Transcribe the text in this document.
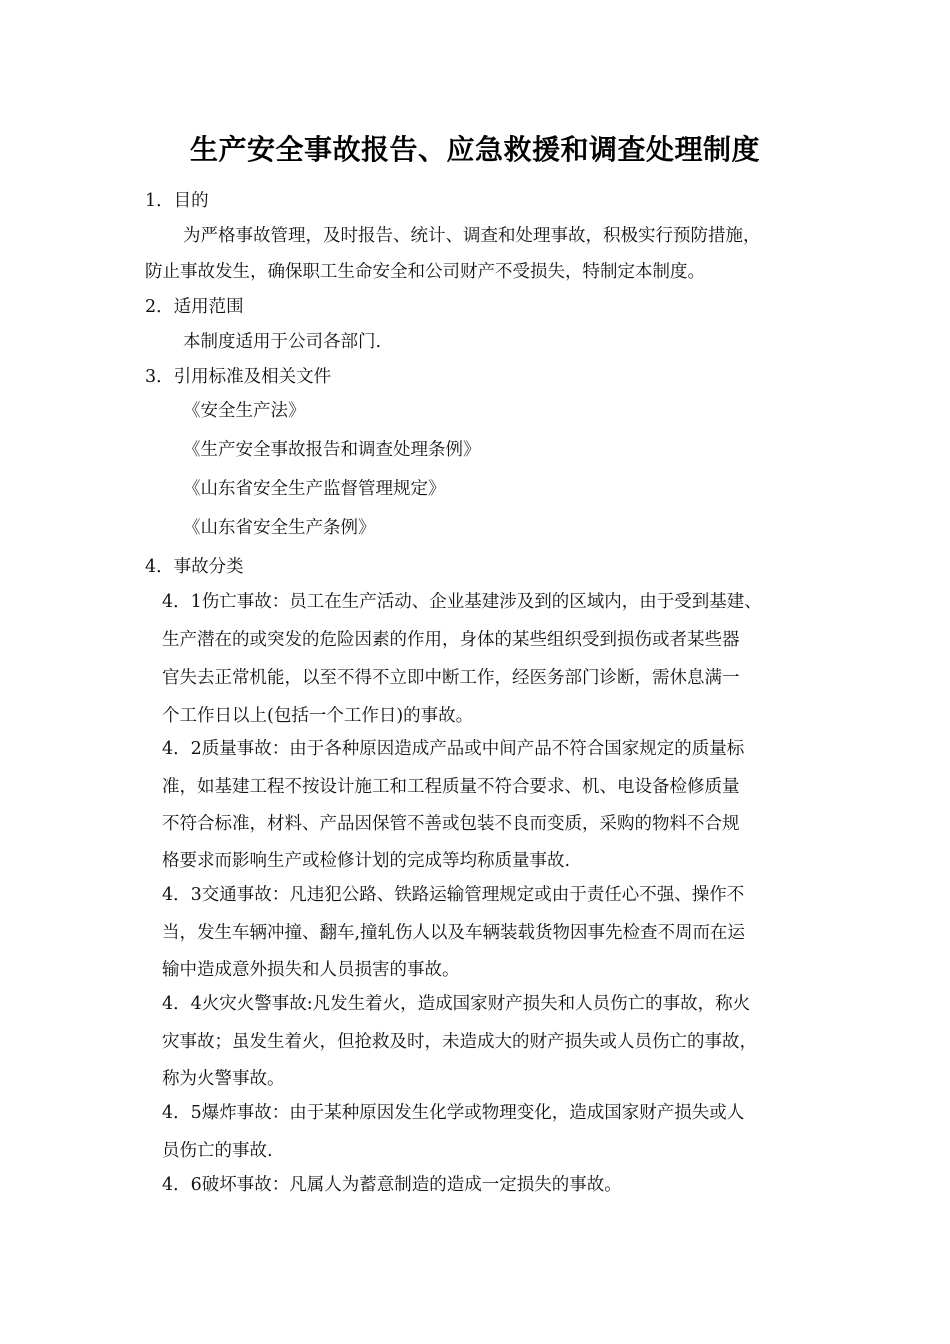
生产安全事故报告、应急救援和调查处理制度
1．目的
为严格事故管理，及时报告、统计、调查和处理事故，积极实行预防措施，
防止事故发生，确保职工生命安全和公司财产不受损失，特制定本制度。
2．适用范围
本制度适用于公司各部门.
3．引用标准及相关文件
《安全生产法》
《生产安全事故报告和调查处理条例》
《山东省安全生产监督管理规定》
《山东省安全生产条例》
4．事故分类
4．1伤亡事故：员工在生产活动、企业基建涉及到的区域内，由于受到基建、
生产潜在的或突发的危险因素的作用，身体的某些组织受到损伤或者某些器
官失去正常机能，以至不得不立即中断工作，经医务部门诊断，需休息满一
个工作日以上(包括一个工作日)的事故。
4．2质量事故：由于各种原因造成产品或中间产品不符合国家规定的质量标
准，如基建工程不按设计施工和工程质量不符合要求、机、电设备检修质量
不符合标准，材料、产品因保管不善或包装不良而变质，采购的物料不合规
格要求而影响生产或检修计划的完成等均称质量事故.
4．3交通事故：凡违犯公路、铁路运输管理规定或由于责任心不强、操作不
当，发生车辆冲撞、翻车,撞轧伤人以及车辆装载货物因事先检查不周而在运
输中造成意外损失和人员损害的事故。
4．4火灾火警事故:凡发生着火，造成国家财产损失和人员伤亡的事故，称火
灾事故；虽发生着火，但抢救及时，未造成大的财产损失或人员伤亡的事故，
称为火警事故。
4．5爆炸事故：由于某种原因发生化学或物理变化，造成国家财产损失或人
员伤亡的事故.
4．6破坏事故：凡属人为蓄意制造的造成一定损失的事故。
